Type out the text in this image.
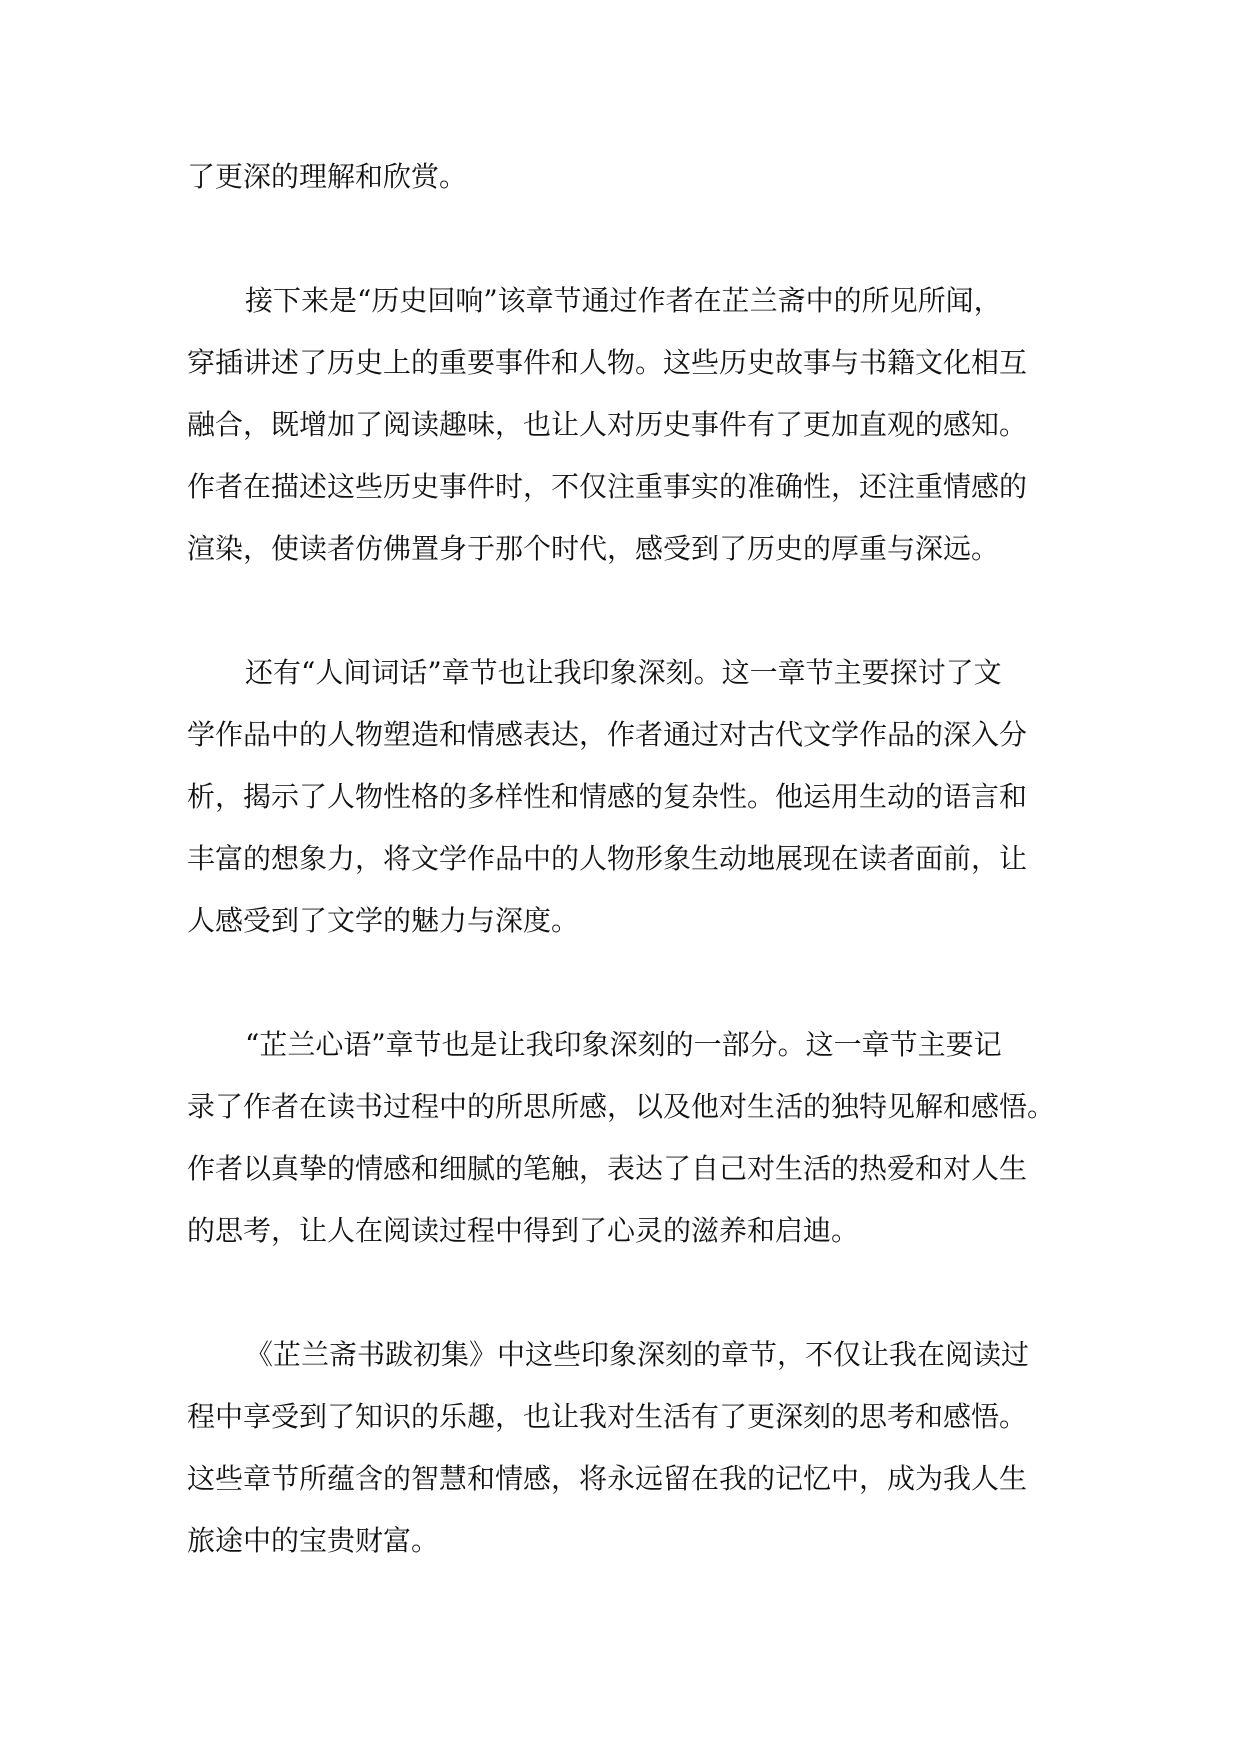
了更深的理解和欣赏。
接下来是“历史回响”该章节通过作者在芷兰斋中的所见所闻，
穿插讲述了历史上的重要事件和人物。这些历史故事与书籍文化相互
融合，既增加了阅读趣味，也让人对历史事件有了更加直观的感知。
作者在描述这些历史事件时，不仅注重事实的准确性，还注重情感的
渲染，使读者仿佛置身于那个时代，感受到了历史的厚重与深远。
还有“人间词话”章节也让我印象深刻。这一章节主要探讨了文
学作品中的人物塑造和情感表达，作者通过对古代文学作品的深入分
析，揭示了人物性格的多样性和情感的复杂性。他运用生动的语言和
丰富的想象力，将文学作品中的人物形象生动地展现在读者面前，让
人感受到了文学的魅力与深度。
“芷兰心语”章节也是让我印象深刻的一部分。这一章节主要记
录了作者在读书过程中的所思所感，以及他对生活的独特见解和感悟。
作者以真挚的情感和细腻的笔触，表达了自己对生活的热爱和对人生
的思考，让人在阅读过程中得到了心灵的滋养和启迪。
《芷兰斋书跋初集》中这些印象深刻的章节，不仅让我在阅读过
程中享受到了知识的乐趣，也让我对生活有了更深刻的思考和感悟。
这些章节所蕴含的智慧和情感，将永远留在我的记忆中，成为我人生
旅途中的宝贵财富。
